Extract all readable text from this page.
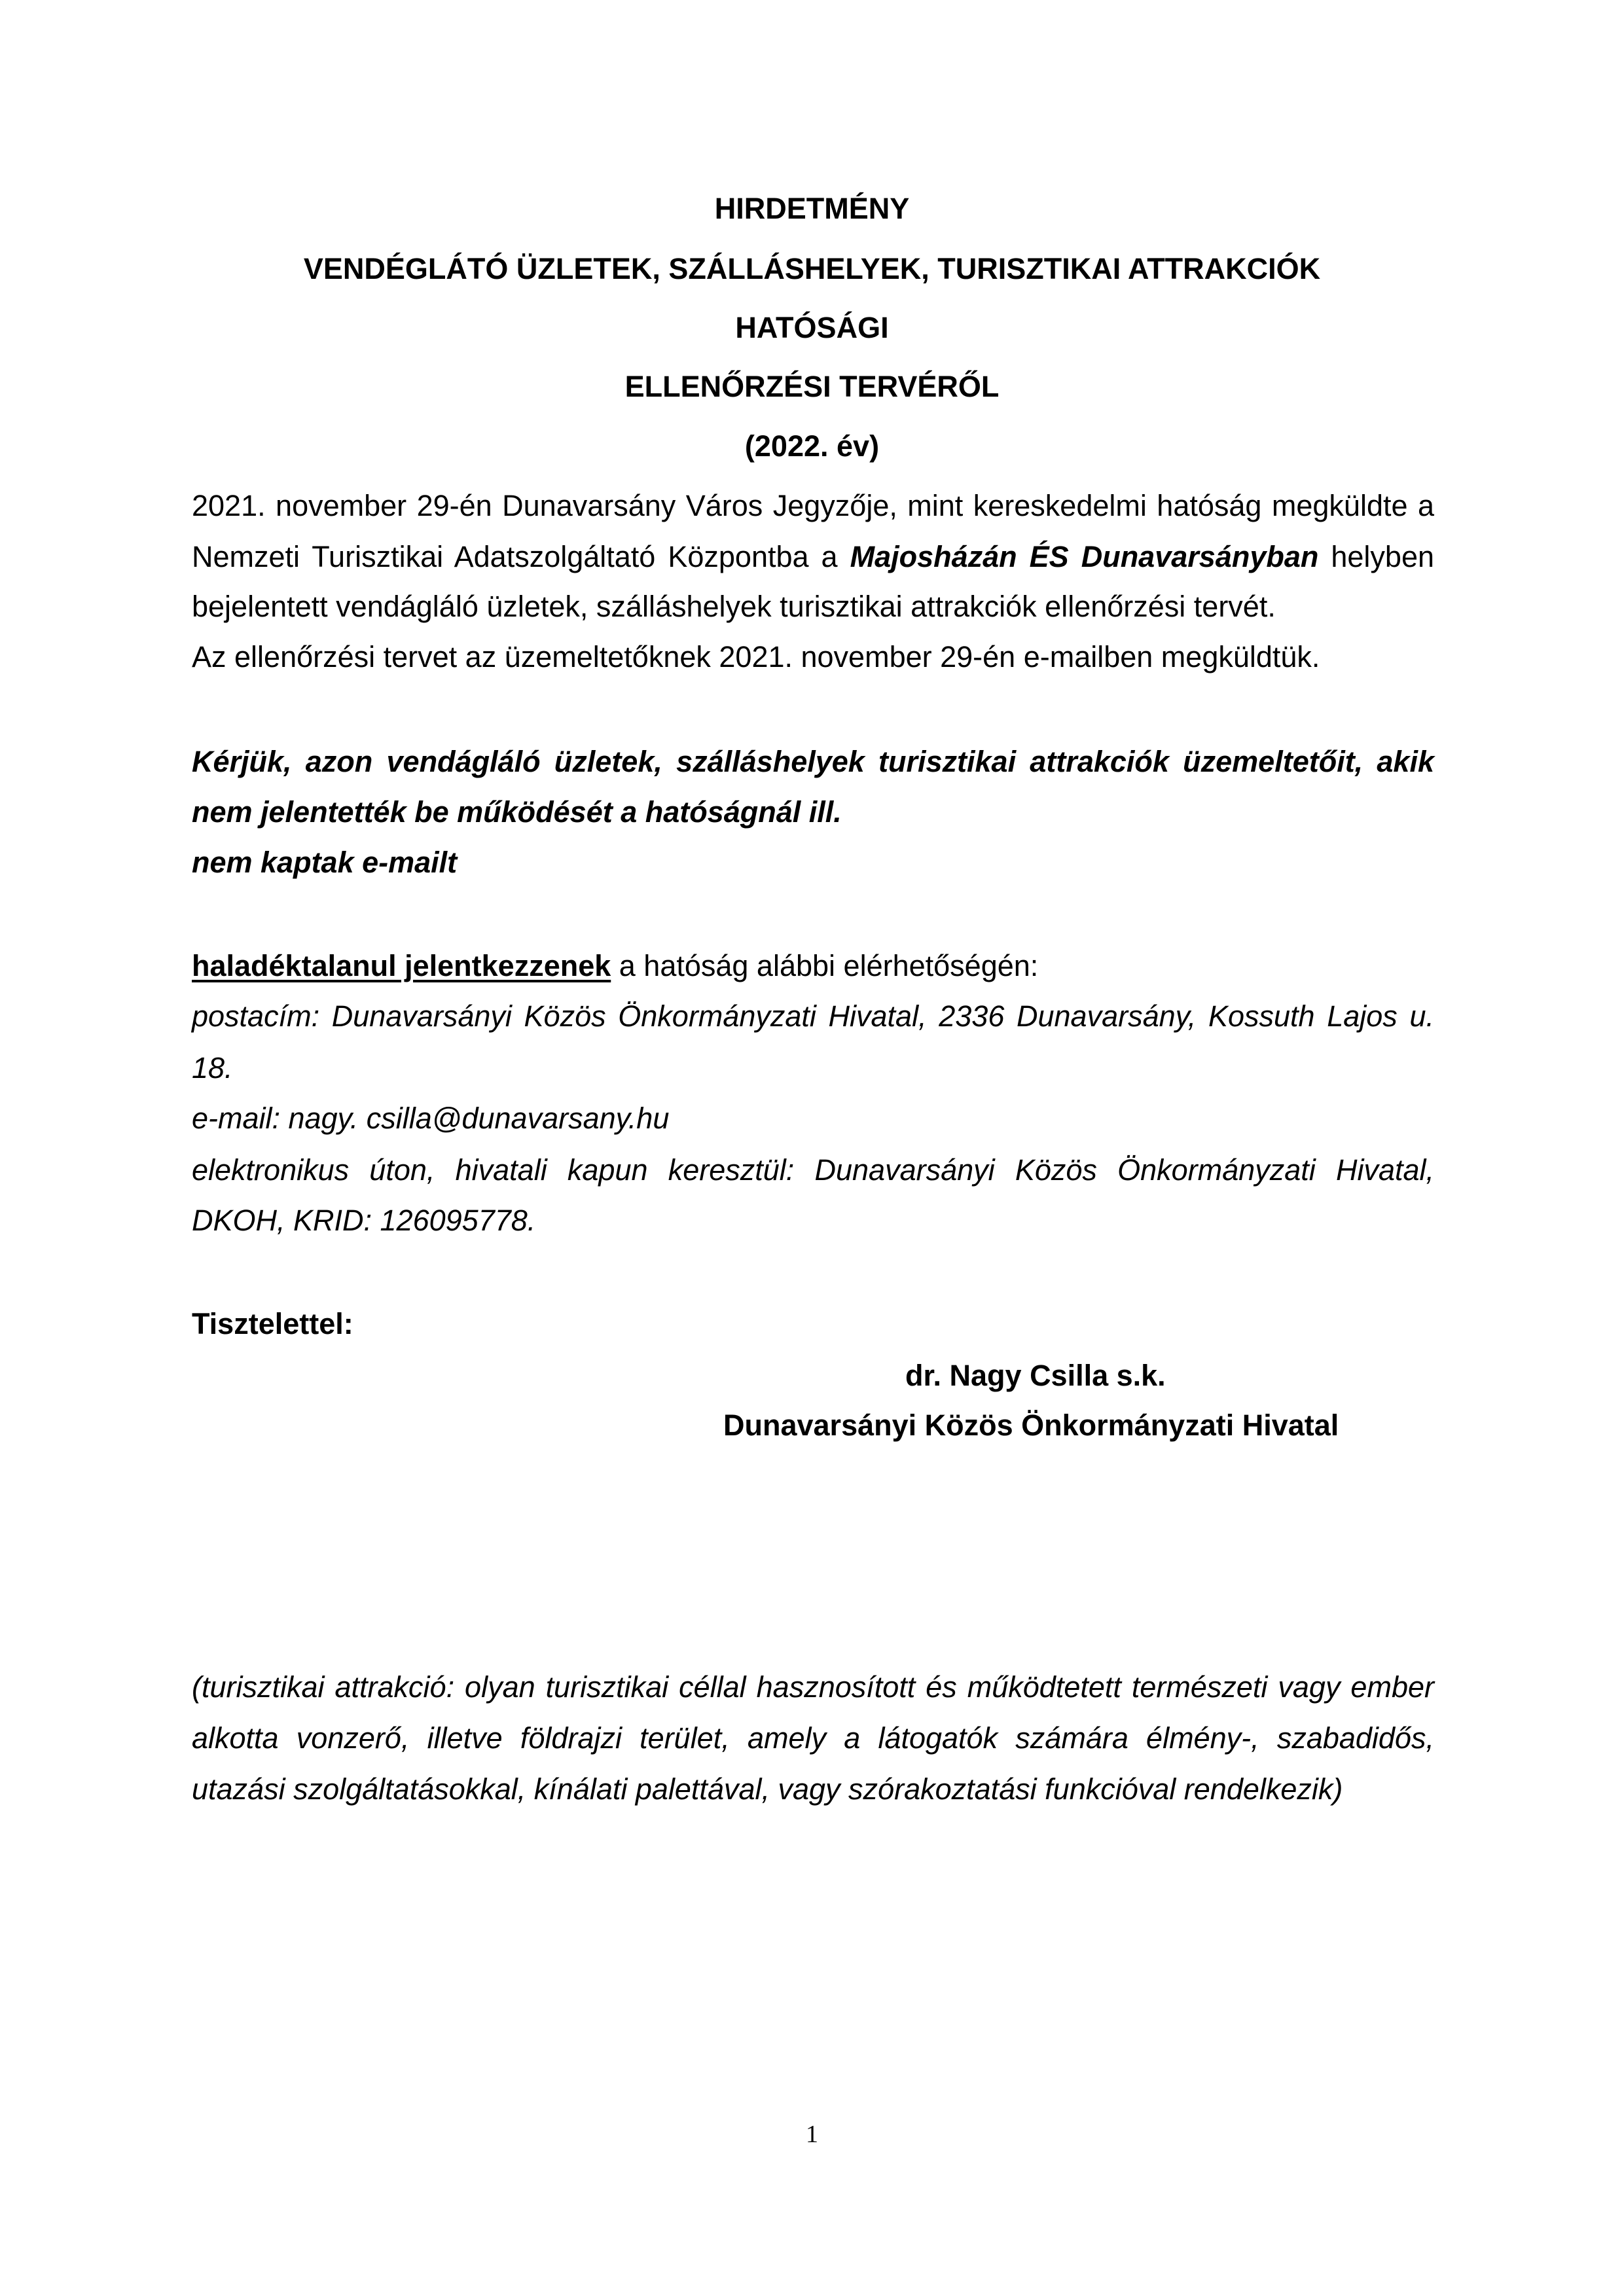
HIRDETMÉNY
VENDÉGLÁTÓ ÜZLETEK, SZÁLLÁSHELYEK, TURISZTIKAI ATTRAKCIÓK
HATÓSÁGI
ELLENŐRZÉSI TERVÉRŐL
(2022. év)
2021. november 29-én Dunavarsány Város Jegyzője, mint kereskedelmi hatóság megküldte a
Nemzeti Turisztikai Adatszolgáltató Központba a Majosházán ÉS Dunavarsányban helyben
bejelentett vendágláló üzletek, szálláshelyek turisztikai attrakciók ellenőrzési tervét.
Az ellenőrzési tervet az üzemeltetőknek 2021. november 29-én e-mailben megküldtük.
Kérjük, azon vendágláló üzletek, szálláshelyek turisztikai attrakciók üzemeltetőit, akik
nem jelentették be működését a hatóságnál ill.
nem kaptak e-mailt
haladéktalanul jelentkezzenek a hatóság alábbi elérhetőségén:
postacím: Dunavarsányi Közös Önkormányzati Hivatal, 2336 Dunavarsány, Kossuth Lajos u.
18.
e-mail: nagy. csilla@dunavarsany.hu
elektronikus úton, hivatali kapun keresztül: Dunavarsányi Közös Önkormányzati Hivatal,
DKOH, KRID: 126095778.
Tisztelettel:
dr. Nagy Csilla s.k.
Dunavarsányi Közös Önkormányzati Hivatal
(turisztikai attrakció: olyan turisztikai céllal hasznosított és működtetett természeti vagy ember
alkotta vonzerő, illetve földrajzi terület, amely a látogatók számára élmény-, szabadidős,
utazási szolgáltatásokkal, kínálati palettával, vagy szórakoztatási funkcióval rendelkezik)
1
